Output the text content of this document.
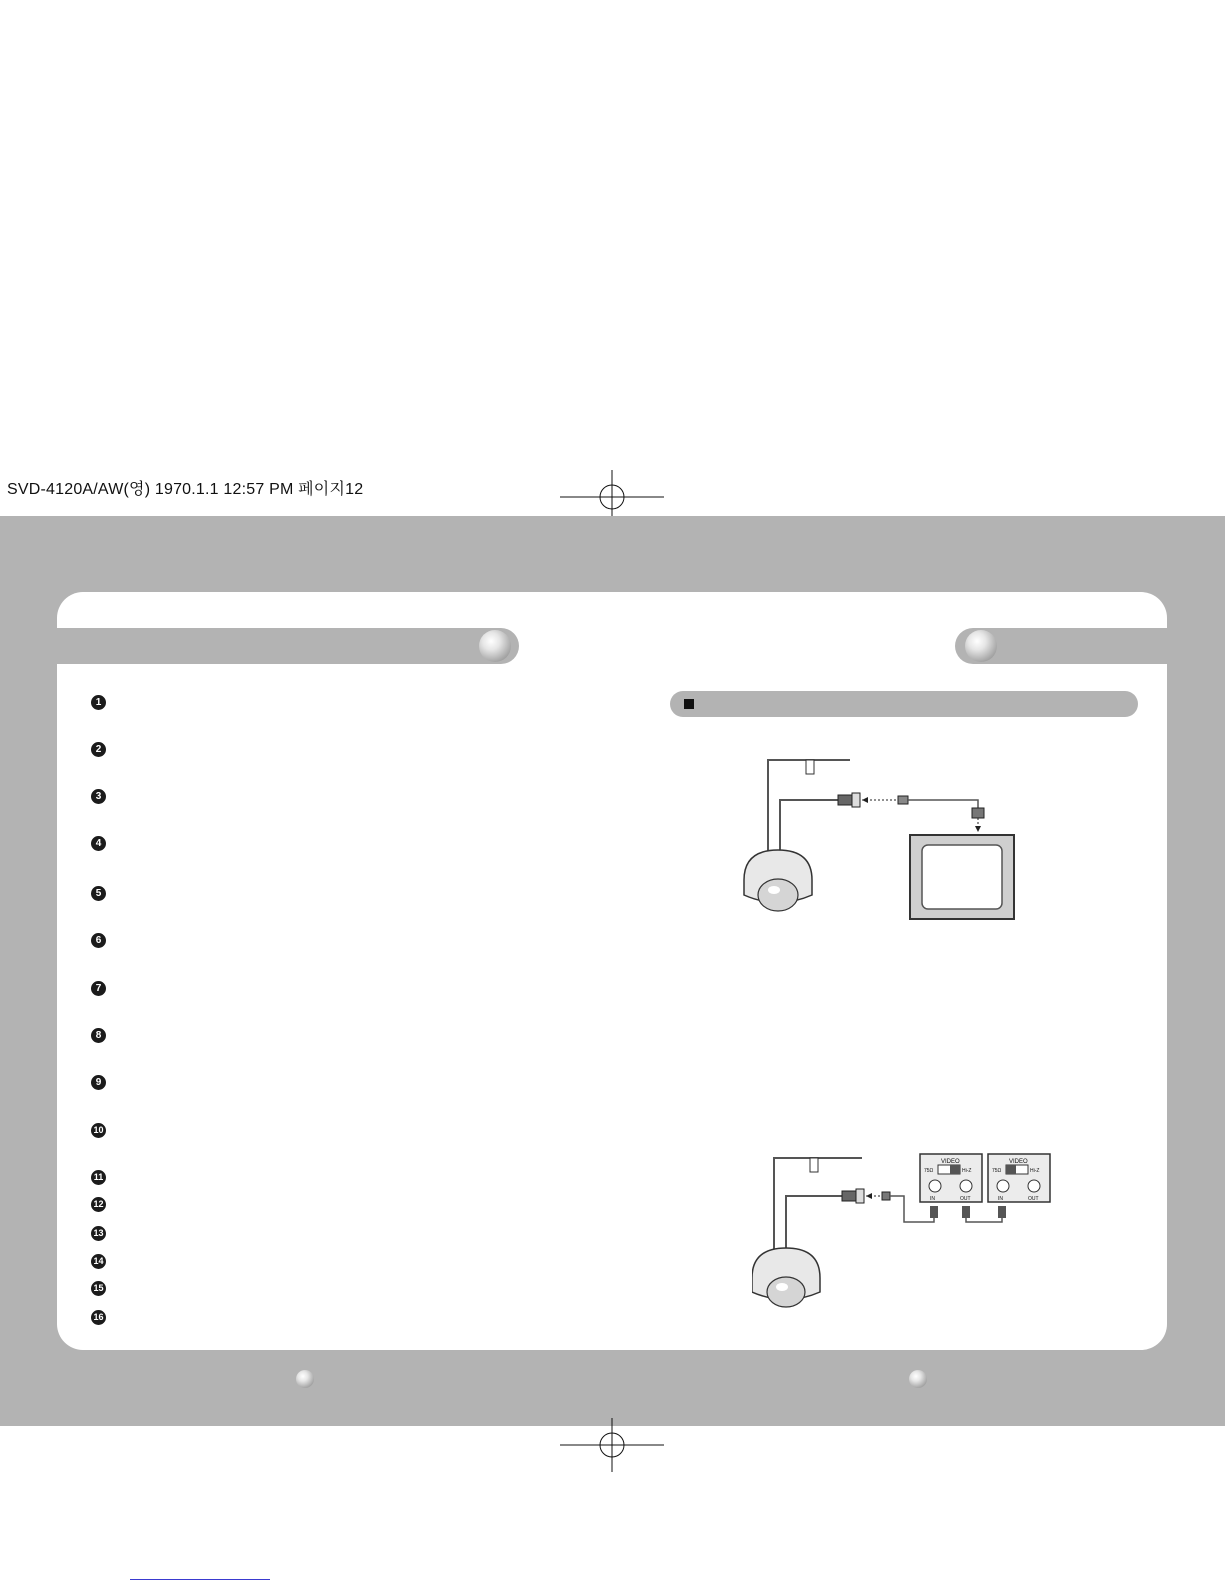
SVD-4120A/AW(영) 1970.1.1 12:57 PM 페이지12
1
2
3
4
5
6
7
8
9
10
11
12
13
14
15
16
VIDEO
75Ω	Hi-Z
IN	OUT
VIDEO
75Ω	Hi-Z
IN	OUT
